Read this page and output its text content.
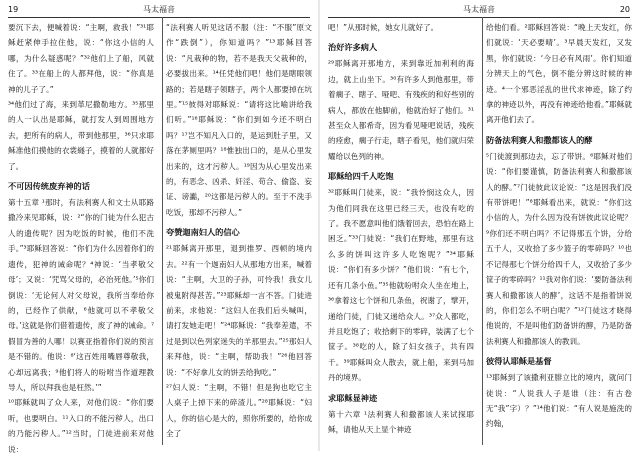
19	马太福音

要沉下去，便喊着说：“主啊，救我！”³¹耶稣赶紧伸手拉住他，说：“你这小信的人哪，为什么疑惑呢？”³²他们上了船，风就住了。³³在船上的人都拜他，说：“你真是神的儿子了。”

³⁴他们过了海，来到革尼撒勒地方。³⁵那里的人一认出是耶稣，就打发人到周围地方去，把所有的病人，带到他那里，³⁶只求耶稣准他们摸他的衣裳繸子，摸着的人就都好了。

不可因传统废弃神的话

第十五章 ¹那时，有法利赛人和文士从耶路撒冷来见耶稣，说：²“你的门徒为什么犯古人的遗传呢？因为吃饭的时候，他们不洗手。”³耶稣回答说：“你们为什么因着你们的遗传，犯神的诫命呢？⁴神说：‘当孝敬父母’；又说：‘咒骂父母的，必治死他。’⁵你们倒说：‘无论何人对父母说，我所当奉给你的，已经作了供献，⁶他就可以不孝敬父母。’这就是你们借着遗传，废了神的诫命。⁷假冒为善的人哪！以赛亚指着你们说的预言是不错的。他说：⁸‘这百姓用嘴唇尊敬我，心却远离我；⁹他们将人的吩咐当作道理教导人，所以拜我也是枉然。’”

¹⁰耶稣就叫了众人来，对他们说：“你们要听，也要明白。¹¹入口的不能污秽人，出口的乃能污秽人。”¹²当时，门徒进前来对他说：

“法利赛人听见这话不服（注：“不服”原文作“跌倒”），你知道吗？”¹³耶稣回答说：“凡栽种的物，若不是我天父栽种的，必要拔出来。¹⁴任凭他们吧！他们是瞎眼领路的；若是瞎子领瞎子，两个人都要掉在坑里。”¹⁵彼得对耶稣说：“请将这比喻讲给我们听。”¹⁶耶稣说：“你们到如今还不明白吗？¹⁷岂不知凡入口的，是运到肚子里，又落在茅厕里吗？¹⁸惟独出口的，是从心里发出来的，这才污秽人。¹⁹因为从心里发出来的，有恶念、凶杀、奸淫、苟合、偷盗、妄证、谤讟，²⁰这都是污秽人的。至于不洗手吃饭，那却不污秽人。”

夸赞迦南妇人的信心

²¹耶稣离开那里，退到推罗、西顿的境内去。²²有一个迦南妇人从那地方出来，喊着说：“主啊，大卫的子孙，可怜我！我女儿被鬼附得甚苦。”²³耶稣却一言不答。门徒进前来，求他说：“这妇人在我们后头喊叫，请打发她走吧！”²⁴耶稣说：“我奉差遣，不过是到以色列家迷失的羊那里去。”²⁵那妇人来拜他，说：“主啊，帮助我！”²⁶他回答说：“不好拿儿女的饼丢给狗吃。”

²⁷妇人说：“主啊，不错！但是狗也吃它主人桌子上掉下来的碎渣儿。”²⁸耶稣说：“妇人，你的信心是大的，照你所要的，给你成全了

马太福音	20

吧！”从那时候，她女儿就好了。

治好许多病人

²⁹耶稣离开那地方，来到靠近加利利的海边，就上山坐下。³⁰有许多人到他那里，带着瘸子、瞎子、哑吧、有残疾的和好些别的病人，都放在他脚前，他就治好了他们。³¹甚至众人都希奇，因为看见哑吧说话，残疾的痊愈，瘸子行走，瞎子看见，他们就归荣耀给以色列的神。

耶稣给四千人吃饱

³²耶稣叫门徒来，说：“我怜悯这众人，因为他们同我在这里已经三天，也没有吃的了。我不愿意叫他们饿着回去，恐怕在路上困乏。”³³门徒说：“我们在野地，那里有这么多的饼叫这许多人吃饱呢？”³⁴耶稣说：“你们有多少饼？”他们说：“有七个，还有几条小鱼。”³⁵他就吩咐众人坐在地上，³⁶拿着这七个饼和几条鱼，祝谢了，擘开，递给门徒，门徒又递给众人。³⁷众人都吃，并且吃饱了；收拾剩下的零碎，装满了七个筐子。³⁸吃的人，除了妇女孩子，共有四千。³⁹耶稣叫众人散去，就上船，来到马加丹的境界。

求耶稣显神迹

第十六章 ¹法利赛人和撒都该人来试探耶稣，请他从天上显个神迹

给他们看。²耶稣回答说：“晚上天发红，你们就说：‘天必要晴’。³早晨天发红，又发黑，你们就说：‘今日必有风雨’。你们知道分辨天上的气色，倒不能分辨这时候的神迹。⁴一个邪恶淫乱的世代求神迹，除了约拿的神迹以外，再没有神迹给他看。”耶稣就离开他们去了。

防备法利赛人和撒都该人的酵

⁵门徒渡到那边去，忘了带饼。⁶耶稣对他们说：“你们要谨慎，防备法利赛人和撒都该人的酵。”⁷门徒彼此议论说：“这是因我们没有带饼吧！”⁸耶稣看出来，就说：“你们这小信的人，为什么因为没有饼彼此议论呢？⁹你们还不明白吗？不记得那五个饼，分给五千人，又收拾了多少篮子的零碎吗？¹⁰也不记得那七个饼分给四千人，又收拾了多少筐子的零碎吗？¹¹我对你们说：‘要防备法利赛人和撒都该人的酵’，这话不是指着饼说的，你们怎么不明白呢？”¹²门徒这才晓得他说的，不是叫他们防备饼的酵，乃是防备法利赛人和撒都该人的教训。

彼得认耶稣是基督

¹³耶稣到了该撒利亚腓立比的境内，就问门徒说：“人说我人子是谁（注：有古卷无“我”字）？”¹⁴他们说：“有人说是施洗的约翰，
